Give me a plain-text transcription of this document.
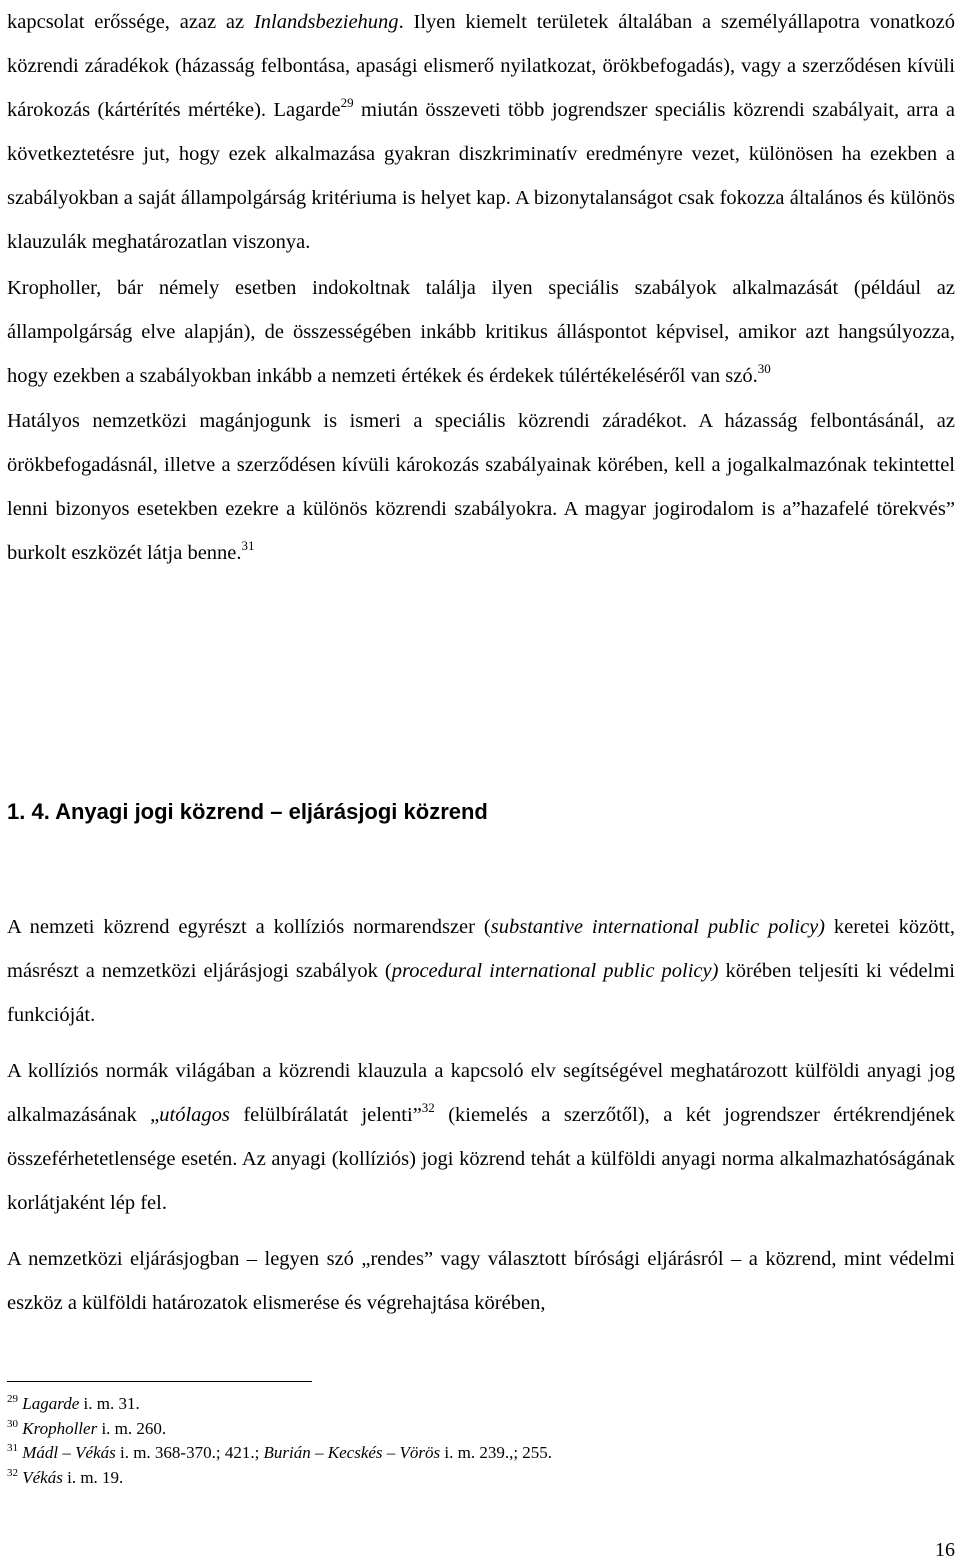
kapcsolat erőssége, azaz az Inlandsbeziehung. Ilyen kiemelt területek általában a személyállapotra vonatkozó közrendi záradékok (házasság felbontása, apasági elismerő nyilatkozat, örökbefogadás), vagy a szerződésen kívüli károkozás (kártérítés mértéke). Lagarde$^{29}$ miután összeveti több jogrendszer speciális közrendi szabályait, arra a következtetésre jut, hogy ezek alkalmazása gyakran diszkriminatív eredményre vezet, különösen ha ezekben a szabályokban a saját állampolgárság kritériuma is helyet kap. A bizonytalanságot csak fokozza általános és különös klauzulák meghatározatlan viszonya.

Kropholler, bár némely esetben indokoltnak találja ilyen speciális szabályok alkalmazását (például az állampolgárság elve alapján), de összességében inkább kritikus álláspontot képvisel, amikor azt hangsúlyozza, hogy ezekben a szabályokban inkább a nemzeti értékek és érdekek túlértékeléséről van szó.$^{30}$

Hatályos nemzetközi magánjogunk is ismeri a speciális közrendi záradékot. A házasság felbontásánál, az örökbefogadásnál, illetve a szerződésen kívüli károkozás szabályainak körében, kell a jogalkalmazónak tekintettel lenni bizonyos esetekben ezekre a különös közrendi szabályokra. A magyar jogirodalom is a”hazafelé törekvés” burkolt eszközét látja benne.$^{31}$

1. 4. Anyagi jogi közrend – eljárásjogi közrend

A nemzeti közrend egyrészt a kollíziós normarendszer (substantive international public policy) keretei között, másrészt a nemzetközi eljárásjogi szabályok (procedural international public policy) körében teljesíti ki védelmi funkcióját.

A kollíziós normák világában a közrendi klauzula a kapcsoló elv segítségével meghatározott külföldi anyagi jog alkalmazásának „utólagos felülbírálatát jelenti”$^{32}$ (kiemelés a szerzőtől), a két jogrendszer értékrendjének összeférhetetlensége esetén. Az anyagi (kollíziós) jogi közrend tehát a külföldi anyagi norma alkalmazhatóságának korlátjaként lép fel.

A nemzetközi eljárásjogban – legyen szó „rendes” vagy választott bírósági eljárásról – a közrend, mint védelmi eszköz a külföldi határozatok elismerése és végrehajtása körében,

$^{29}$ Lagarde i. m. 31.

$^{30}$ Kropholler i. m. 260.

$^{31}$ Mádl – Vékás i. m. 368-370.; 421.; Burián – Kecskés – Vörös i. m. 239.,; 255.

$^{32}$ Vékás i. m. 19.

16
